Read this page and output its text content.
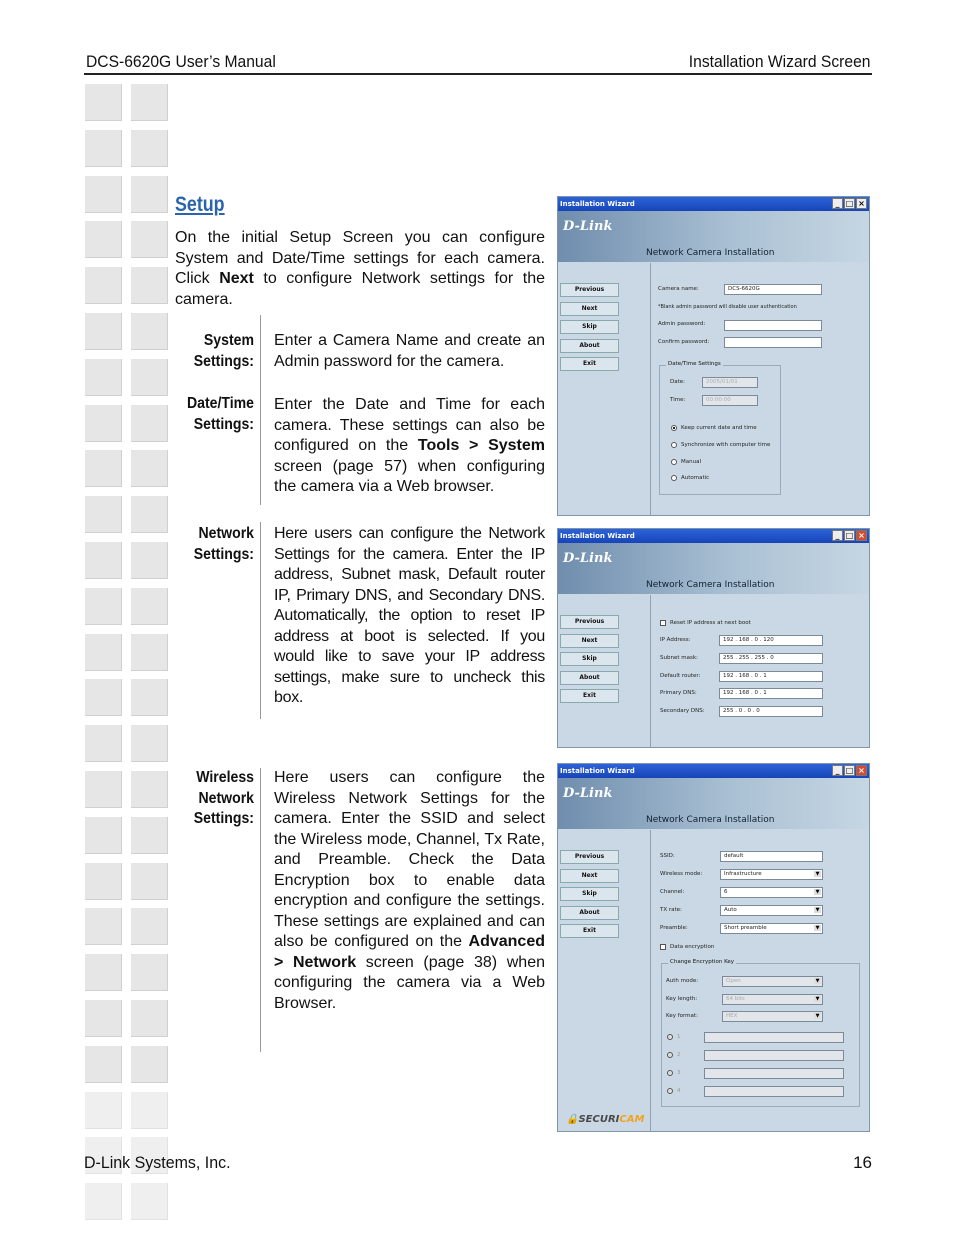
DCS-6620G User’s Manual	Installation Wizard Screen
Setup
On the initial Setup Screen you can configure System and Date/Time settings for each camera. Click Next to configure Network settings for the camera.
System
Settings:
Enter a Camera Name and create an Admin password for the camera.
Date/Time
Settings:
Enter the Date and Time for each camera. These settings can also be configured on the Tools > System screen (page 57) when configuring the camera via a Web browser.
Network
Settings:
Here users can configure the Network Settings for the camera. Enter the IP address, Subnet mask, Default router IP, Primary DNS, and Secondary DNS. Automatically, the option to reset IP address at boot is selected. If you would like to save your IP address settings, make sure to uncheck this box.
Wireless
Network
Settings:
Here users can configure the Wireless Network Settings for the camera. Enter the SSID and select the Wireless mode, Channel, Tx Rate, and Preamble. Check the Data Encryption box to enable data encryption and configure the settings. These settings are explained and can also be configured on the Advanced > Network screen (page 38) when configuring the camera via a Web Browser.
Installation Wizard	_ □ ×
D-Link
Network Camera Installation
Previous
Next
Skip
About
Exit
Camera name:	DCS-6620G
*Blank admin password will disable user authentication
Admin password:
Confirm password:
Date/Time Settings
Date:	2005/01/01
Time:	00:00:00
Keep current date and time
Synchronize with computer time
Manual
Automatic
Installation Wizard	_ □ ×
D-Link
Network Camera Installation
Previous
Next
Skip
About
Exit
Reset IP address at next boot
IP Address:	192 . 168 . 0 . 120
Subnet mask:	255 . 255 . 255 . 0
Default router:	192 . 168 . 0 . 1
Primary DNS:	192 . 168 . 0 . 1
Secondary DNS:	255 . 0 . 0 . 0
Installation Wizard	_ □ ×
D-Link
Network Camera Installation
Previous
Next
Skip
About
Exit
SSID:	default
Wireless mode:	Infrastructure ▼
Channel:	6 ▼
TX rate:	Auto ▼
Preamble:	Short preamble ▼
Data encryption
Change Encryption Key
Auth mode:	Open ▼
Key length:	64 bits ▼
Key format:	HEX ▼
1
2
3
4
🔒SECURICAM
D-Link Systems, Inc.	16
